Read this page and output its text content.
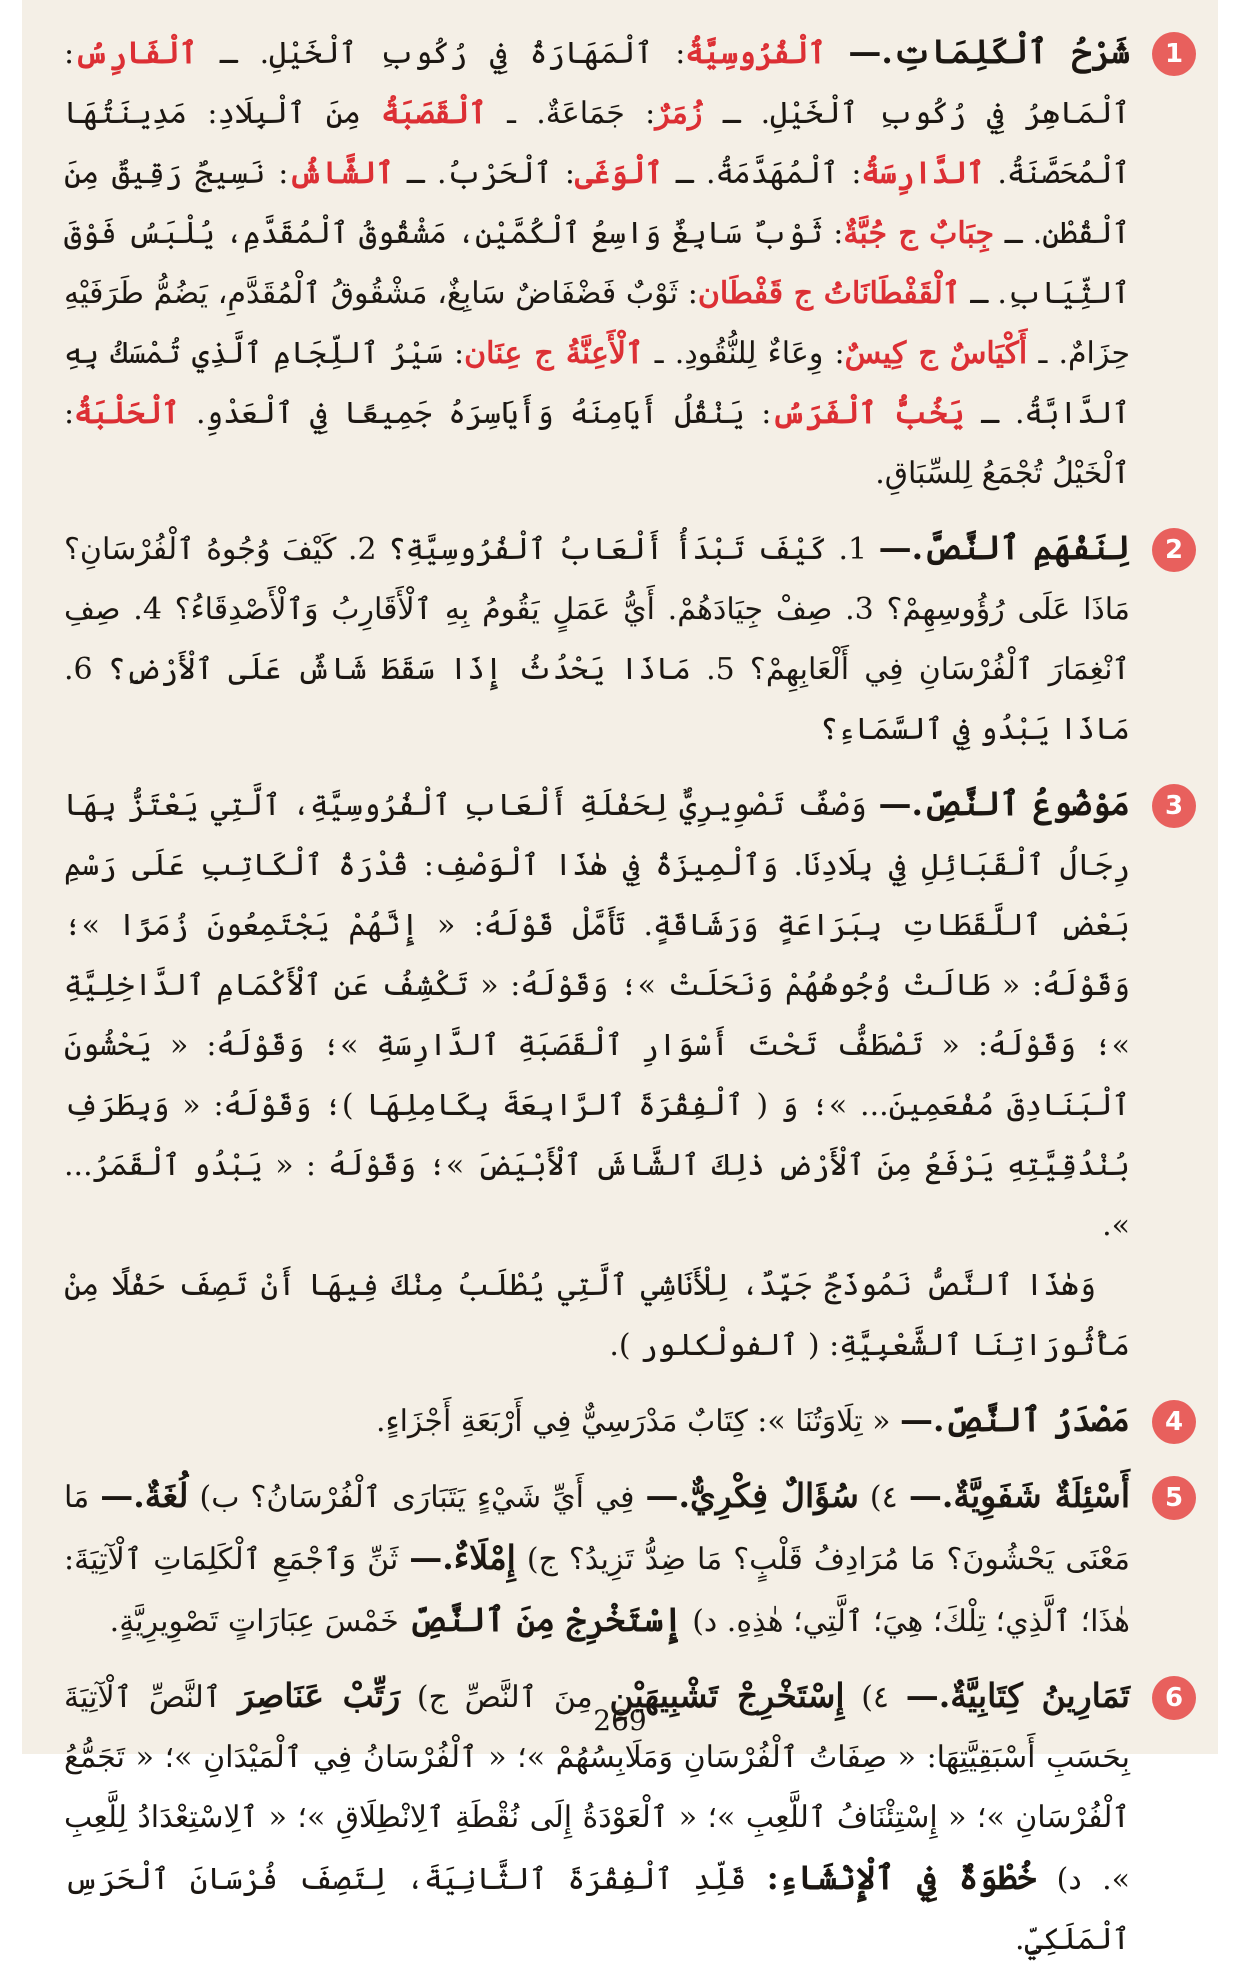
1

شَرْحُ ٱلْكَلِمَاتِ.— ٱلْفُرُوسِيَّةُ: ٱلْمَهَارَةُ فِي رُكُوبِ ٱلْخَيْلِ. ـ ٱلْفَارِسُ: ٱلْمَاهِرُ فِي رُكُوبِ ٱلْخَيْلِ. ـ زُمَرٌ: جَمَاعَةٌ. ـ ٱلْقَصَبَةُ مِنَ ٱلْبِلَادِ: مَدِينَتُهَا ٱلْمُحَصَّنَةُ. ٱلدَّارِسَةُ: ٱلْمُهَدَّمَةُ. ـ ٱلْوَغَى: ٱلْحَرْبُ. ـ ٱلشَّاشُ: نَسِيجٌ رَقِيقٌ مِنَ ٱلْقُطْنِ. ـ جِبَابٌ ج جُبَّةٌ: ثَوْبٌ سَابِغٌ وَاسِعُ ٱلْكُمَّيْنِ، مَشْقُوقُ ٱلْمُقَدَّمِ، يُلْبَسُ فَوْقَ ٱلثِّيَابِ. ـ ٱلْقَفْطَانَاتُ ج قَفْطَان: ثَوْبٌ فَضْفَاضٌ سَابِغٌ، مَشْقُوقُ ٱلْمُقَدَّمِ، يَضُمُّ طَرَفَيْهِ حِزَامٌ. ـ أَكْيَاسٌ ج كِيسٌ: وِعَاءٌ لِلنُّقُودِ. ـ ٱلْأَعِنَّةُ ج عِنَان: سَيْرُ ٱللِّجَامِ ٱلَّذِي تُمْسَكُ بِهِ ٱلدَّابَّةُ. ـ يَخُبُّ ٱلْفَرَسُ: يَنْقُلُ أَيَامِنَهُ وَأَيَاسِرَهُ جَمِيعًا فِي ٱلْعَدْوِ. ٱلْحَلْبَةُ: ٱلْخَيْلُ تُجْمَعُ لِلسِّبَاقِ.

2

لِنَفْهَمِ ٱلنَّصَّ.— 1. كَيْفَ تَبْدَأُ أَلْعَابُ ٱلْفُرُوسِيَّةِ؟ 2. كَيْفَ وُجُوهُ ٱلْفُرْسَانِ؟ مَاذَا عَلَى رُؤُوسِهِمْ؟ 3. صِفْ جِيَادَهُمْ. أَيُّ عَمَلٍ يَقُومُ بِهِ ٱلْأَقَارِبُ وَٱلْأَصْدِقَاءُ؟ 4. صِفِ ٱنْغِمَارَ ٱلْفُرْسَانِ فِي أَلْعَابِهِمْ؟ 5. مَاذَا يَحْدُثُ إِذَا سَقَطَ شَاشٌ عَلَى ٱلْأَرْضِ؟ 6. مَاذَا يَبْدُو فِي ٱلسَّمَاءِ؟

3

مَوْضُوعُ ٱلنَّصِّ.— وَصْفٌ تَصْوِيرِيٌّ لِحَفْلَةِ أَلْعَابِ ٱلْفُرُوسِيَّةِ، ٱلَّتِي يَعْتَزُّ بِهَا رِجَالُ ٱلْقَبَائِلِ فِي بِلَادِنَا. وَٱلْمِيزَةُ فِي هٰذَا ٱلْوَصْفِ: قُدْرَةُ ٱلْكَاتِبِ عَلَى رَسْمِ بَعْضِ ٱللَّقَطَاتِ بِبَرَاعَةٍ وَرَشَاقَةٍ. تَأَمَّلْ قَوْلَهُ: « إِنَّهُمْ يَجْتَمِعُونَ زُمَرًا »؛ وَقَوْلَهُ: « طَالَتْ وُجُوهُهُمْ وَنَحَلَتْ »؛ وَقَوْلَهُ: « تَكْشِفُ عَنِ ٱلْأَكْمَامِ ٱلدَّاخِلِيَّةِ »؛ وَقَوْلَهُ: « تَصْطَفُّ تَحْتَ أَسْوَارِ ٱلْقَصَبَةِ ٱلدَّارِسَةِ »؛ وَقَوْلَهُ: « يَحْشُونَ ٱلْبَنَادِقَ مُفْعَمِينَ... »؛ وَ ( ٱلْفِقْرَةَ ٱلرَّابِعَةَ بِكَامِلِهَا )؛ وَقَوْلَهُ: « وَبِطَرَفِ بُنْدُقِيَّتِهِ يَرْفَعُ مِنَ ٱلْأَرْضِ ذٰلِكَ ٱلشَّاشَ ٱلْأَبْيَضَ »؛ وَقَوْلَهُ : « يَبْدُو ٱلْقَمَرُ... ».

وَهٰذَا ٱلنَّصُّ نَمُوذَجٌ جَيِّدٌ، لِلْأَنَاشِي ٱلَّتِي يُطْلَبُ مِنْكَ فِيهَا أَنْ تَصِفَ حَفْلًا مِنْ مَأْثُورَاتِنَا ٱلشَّعْبِيَّةِ: ( ٱلفولْكلور ).

4

مَصْدَرُ ٱلنَّصِّ.— « تِلَاوَتُنَا »: كِتَابٌ مَدْرَسِيٌّ فِي أَرْبَعَةِ أَجْزَاءٍ.

5

أَسْئِلَةٌ شَفَوِيَّةٌ.— ٤) سُؤَالٌ فِكْرِيٌّ.— فِي أَيِّ شَيْءٍ يَتَبَارَى ٱلْفُرْسَانُ؟ ب) لُغَةٌ.— مَا مَعْنَى يَحْشُونَ؟ مَا مُرَادِفُ قَلْبٍ؟ مَا ضِدُّ تَزِيدُ؟ ج) إِمْلَاءٌ.— ثَنِّ وَٱجْمَعِ ٱلْكَلِمَاتِ ٱلْآتِيَةَ: هٰذَا؛ ٱلَّذِي؛ تِلْكَ؛ هِيَ؛ ٱلَّتِي؛ هٰذِهِ. د) إِسْتَخْرِجْ مِنَ ٱلنَّصِّ خَمْسَ عِبَارَاتٍ تَصْوِيرِيَّةٍ.

6

تَمَارِينُ كِتَابِيَّةٌ.— ٤) إِسْتَخْرِجْ تَشْبِيهَيْنِ مِنَ ٱلنَّصِّ ج) رَتِّبْ عَنَاصِرَ ٱلنَّصِّ ٱلْآتِيَةَ بِحَسَبِ أَسْبَقِيَّتِهَا: « صِفَاتُ ٱلْفُرْسَانِ وَمَلَابِسُهُمْ »؛ « ٱلْفُرْسَانُ فِي ٱلْمَيْدَانِ »؛ « تَجَمُّعُ ٱلْفُرْسَانِ »؛ « إِسْتِئْنَافُ ٱللَّعِبِ »؛ « ٱلْعَوْدَةُ إِلَى نُقْطَةِ ٱلِانْطِلَاقِ »؛ « ٱلِاسْتِعْدَادُ لِلَّعِبِ ». د) خُطْوَةٌ فِي ٱلْإِنْشَاءِ: قَلِّدِ ٱلْفِقْرَةَ ٱلثَّانِيَةَ، لِتَصِفَ فُرْسَانَ ٱلْحَرَسِ ٱلْمَلَكِيِّ.

269
